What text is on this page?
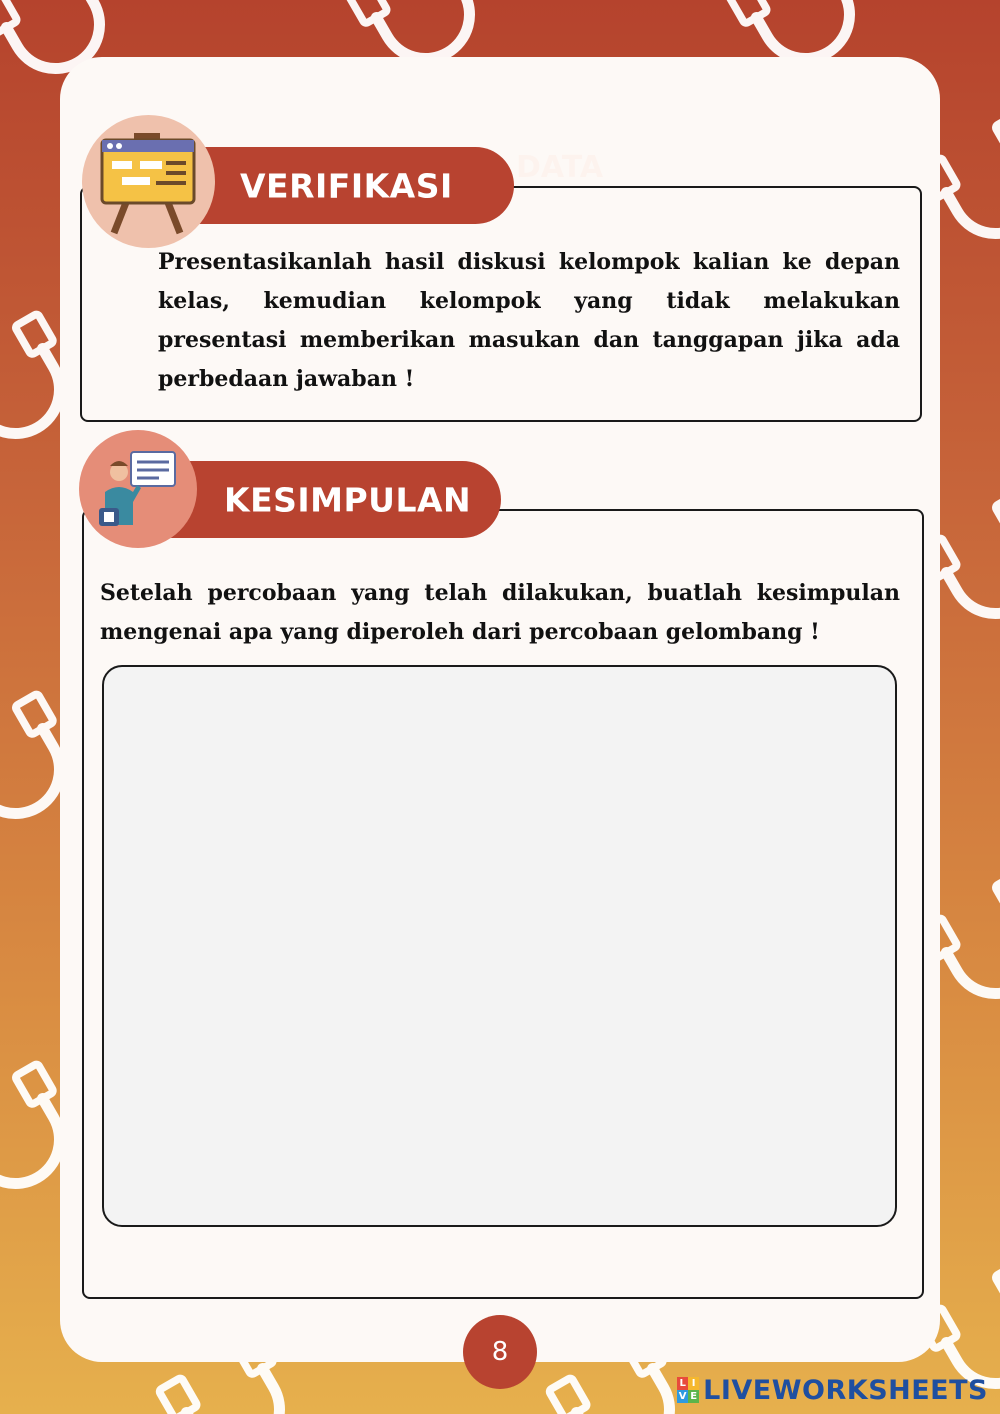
DATA
VERIFIKASI
Presentasikanlah hasil diskusi kelompok kalian ke depan kelas, kemudian kelompok yang tidak melakukan presentasi memberikan masukan dan tanggapan jika ada perbedaan jawaban !
KESIMPULAN
Setelah percobaan yang telah dilakukan, buatlah kesimpulan mengenai apa yang diperoleh dari percobaan gelombang !
8
L I
V E LIVEWORKSHEETS
